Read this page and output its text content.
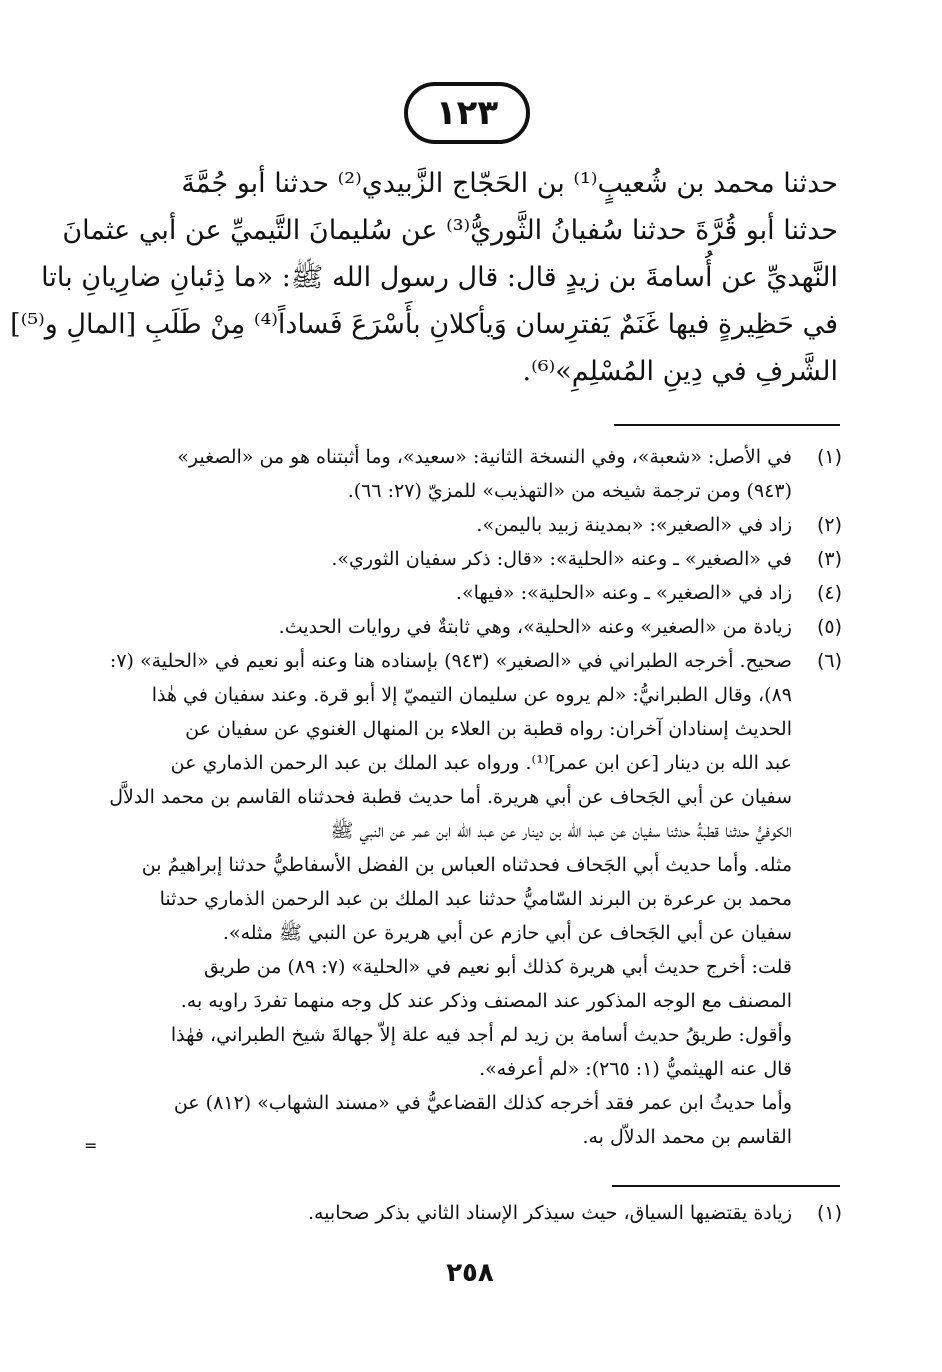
١٢٣
حدثنا محمد بن شُعيبٍ⁽¹⁾ بن الحَجّاج الزَّبيدي⁽²⁾ حدثنا أبو جُمَّةَ
حدثنا أبو قُرَّةَ حدثنا سُفيانُ الثَّوريُّ⁽³⁾ عن سُليمانَ التَّيميِّ عن أبي عثمانَ
النَّهديِّ عن أُسامةَ بن زيدٍ قال: قال رسول الله ﷺ: «ما ذِئبانِ ضارِيانِ باتا
في حَظِيرةٍ فيها غَنَمٌ يَفترِسان وَيأكلانِ بأَسْرَعَ فَساداً⁽⁴⁾ مِنْ طَلَبِ [المالِ و⁽⁵⁾]
الشَّرفِ في دِينِ المُسْلِمِ»⁽⁶⁾.
(١)
في الأصل: «شعبة»، وفي النسخة الثانية: «سعيد»، وما أثبتناه هو من «الصغير»
(٩٤٣) ومن ترجمة شيخه من «التهذيب» للمزيّ (٢٧: ٦٦).
(٢)
زاد في «الصغير»: «بمدينة زبيد باليمن».
(٣)
في «الصغير» ـ وعنه «الحلية»: «قال: ذكر سفيان الثوري».
(٤)
زاد في «الصغير» ـ وعنه «الحلية»: «فيها».
(٥)
زيادة من «الصغير» وعنه «الحلية»، وهي ثابتةٌ في روايات الحديث.
(٦)
صحيح. أخرجه الطبراني في «الصغير» (٩٤٣) بإسناده هنا وعنه أبو نعيم في «الحلية» (٧:
٨٩)، وقال الطبرانيُّ: «لم يروه عن سليمان التيميّ إلا أبو قرة. وعند سفيان في هٰذا
الحديث إسنادان آخران: رواه قطبة بن العلاء بن المنهال الغنوي عن سفيان عن
عبد الله بن دينار [عن ابن عمر]⁽¹⁾. ورواه عبد الملك بن عبد الرحمن الذماري عن
سفيان عن أبي الجَحاف عن أبي هريرة. أما حديث قطبة فحدثناه القاسم بن محمد الدلاَّل
الكوفيُّ حدثنا قطبةُ حدثنا سفيان عن عبد الله بن دينار عن عبد الله ابن عمر عن النبي ﷺ
مثله. وأما حديث أبي الجَحاف فحدثناه العباس بن الفضل الأسفاطيُّ حدثنا إبراهيمُ بن
محمد بن عرعرة بن البرند السّاميُّ حدثنا عبد الملك بن عبد الرحمن الذماري حدثنا
سفيان عن أبي الجَحاف عن أبي حازم عن أبي هريرة عن النبي ﷺ مثله».
قلت: أخرج حديث أبي هريرة كذلك أبو نعيم في «الحلية» (٧: ٨٩) من طريق
المصنف مع الوجه المذكور عند المصنف وذكر عند كل وجه منهما تفردَ راويه به.
وأقول: طريقُ حديث أسامة بن زيد لم أجد فيه علة إلاّ جهالةَ شيخ الطبراني، فهٰذا
قال عنه الهيثميُّ (١: ٢٦٥): «لم أعرفه».
وأما حديثُ ابن عمر فقد أخرجه كذلك القضاعيُّ في «مسند الشهاب» (٨١٢) عن
القاسم بن محمد الدلاّل به.
=
(١)
زيادة يقتضيها السياق، حيث سيذكر الإسناد الثاني بذكر صحابيه.
٢٥٨
